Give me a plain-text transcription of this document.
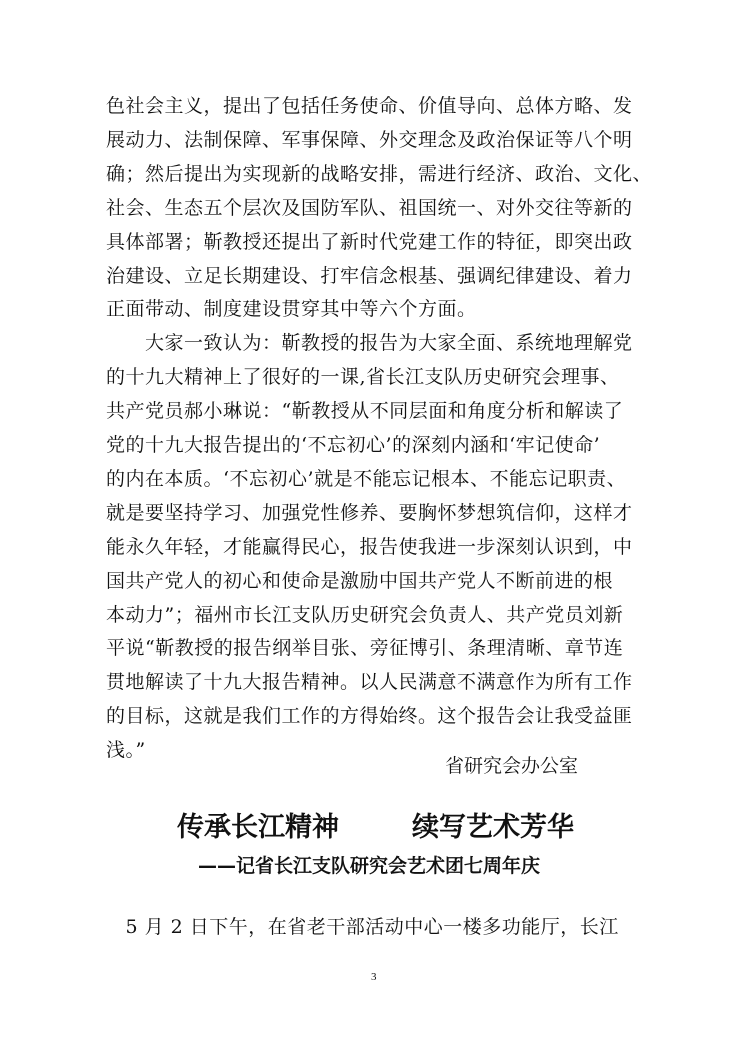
色社会主义，提出了包括任务使命、价值导向、总体方略、发
展动力、法制保障、军事保障、外交理念及政治保证等八个明
确；然后提出为实现新的战略安排，需进行经济、政治、文化、
社会、生态五个层次及国防军队、祖国统一、对外交往等新的
具体部署；靳教授还提出了新时代党建工作的特征，即突出政
治建设、立足长期建设、打牢信念根基、强调纪律建设、着力
正面带动、制度建设贯穿其中等六个方面。
　　大家一致认为：靳教授的报告为大家全面、系统地理解党
的十九大精神上了很好的一课,省长江支队历史研究会理事、
共产党员郝小琳说：“靳教授从不同层面和角度分析和解读了
党的十九大报告提出的‘不忘初心’的深刻内涵和‘牢记使命’
的内在本质。‘不忘初心’就是不能忘记根本、不能忘记职责、
就是要坚持学习、加强党性修养、要胸怀梦想筑信仰，这样才
能永久年轻，才能赢得民心，报告使我进一步深刻认识到，中
国共产党人的初心和使命是激励中国共产党人不断前进的根
本动力”；福州市长江支队历史研究会负责人、共产党员刘新
平说“靳教授的报告纲举目张、旁征博引、条理清晰、章节连
贯地解读了十九大报告精神。以人民满意不满意作为所有工作
的目标，这就是我们工作的方得始终。这个报告会让我受益匪
省研究会办公室
传承长江精神	续写艺术芳华
——记省长江支队研究会艺术团七周年庆
　5 月 2 日下午，在省老干部活动中心一楼多功能厅，长江
3
浅。”
